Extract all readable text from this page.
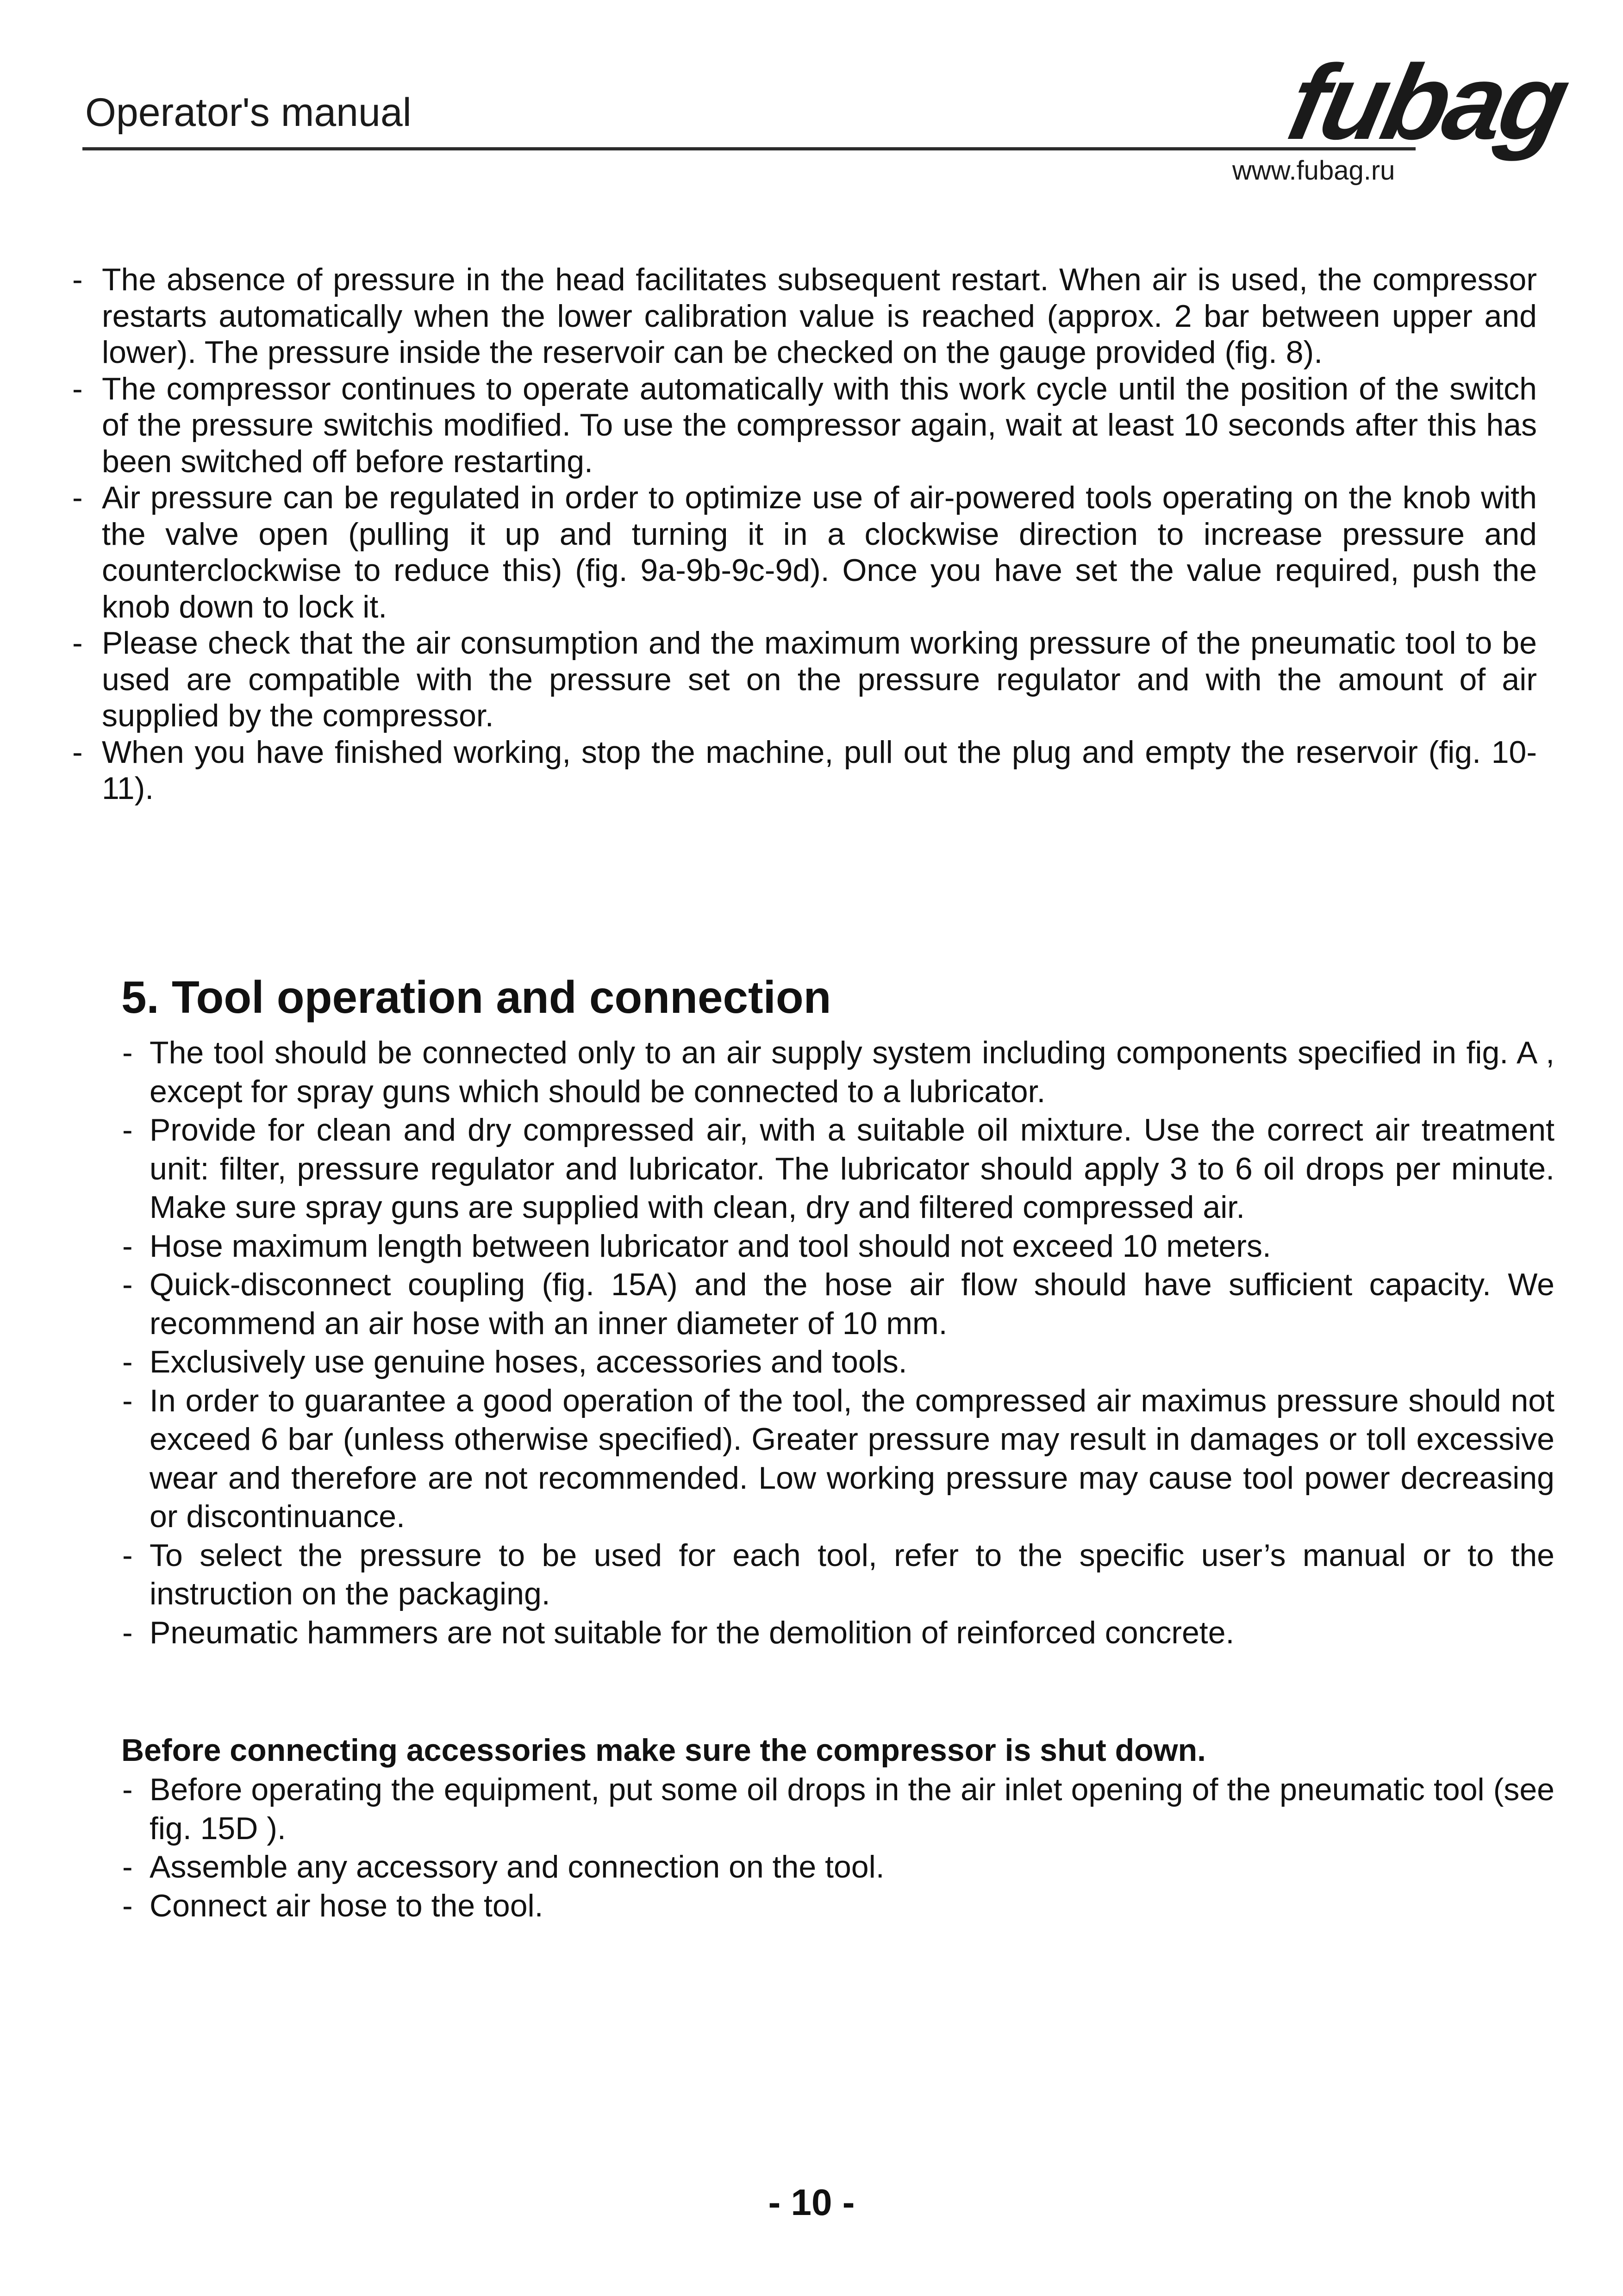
Operator's manual	fubag
www.fubag.ru
- The absence of pressure in the head facilitates subsequent restart. When air is used, the compressor restarts automatically when the lower calibration value is reached (approx. 2 bar between upper and lower). The pressure inside the reservoir can be checked on the gauge provided (fig. 8).
- The compressor continues to operate automatically with this work cycle until the position of the switch of the pressure switchis modified. To use the compressor again, wait at least 10 seconds after this has been switched off before restarting.
- Air pressure can be regulated in order to optimize use of air-powered tools operating on the knob with the valve open (pulling it up and turning it in a clockwise direction to increase pressure and counterclockwise to reduce this) (fig. 9a-9b-9c-9d). Once you have set the value required, push the knob down to lock it.
- Please check that the air consumption and the maximum working pressure of the pneumatic tool to be used are compatible with the pressure set on the pressure regulator and with the amount of air supplied by the compressor.
- When you have finished working, stop the machine, pull out the plug and empty the reservoir (fig. 10-11).
5. Tool operation and connection
- The tool should be connected only to an air supply system including components specified in fig. A , except for spray guns which should be connected to a lubricator.
- Provide for clean and dry compressed air, with a suitable oil mixture. Use the correct air treatment unit: filter, pressure regulator and lubricator. The lubricator should apply 3 to 6 oil drops per minute. Make sure spray guns are supplied with clean, dry and filtered compressed air.
- Hose maximum length between lubricator and tool should not exceed 10 meters.
- Quick-disconnect coupling (fig. 15A) and the hose air flow should have sufficient capacity. We recommend an air hose with an inner diameter of 10 mm.
- Exclusively use genuine hoses, accessories and tools.
- In order to guarantee a good operation of the tool, the compressed air maximus pressure should not exceed 6 bar (unless otherwise specified). Greater pressure may result in damages or toll excessive wear and therefore are not recommended. Low working pressure may cause tool power decreasing or discontinuance.
- To select the pressure to be used for each tool, refer to the specific user’s manual or to the instruction on the packaging.
- Pneumatic hammers are not suitable for the demolition of reinforced concrete.

Before connecting accessories make sure the compressor is shut down.

- Before operating the equipment, put some oil drops in the air inlet opening of the pneumatic tool (see fig. 15D ).
- Assemble any accessory and connection on the tool.
- Connect air hose to the tool.
- 10 -
